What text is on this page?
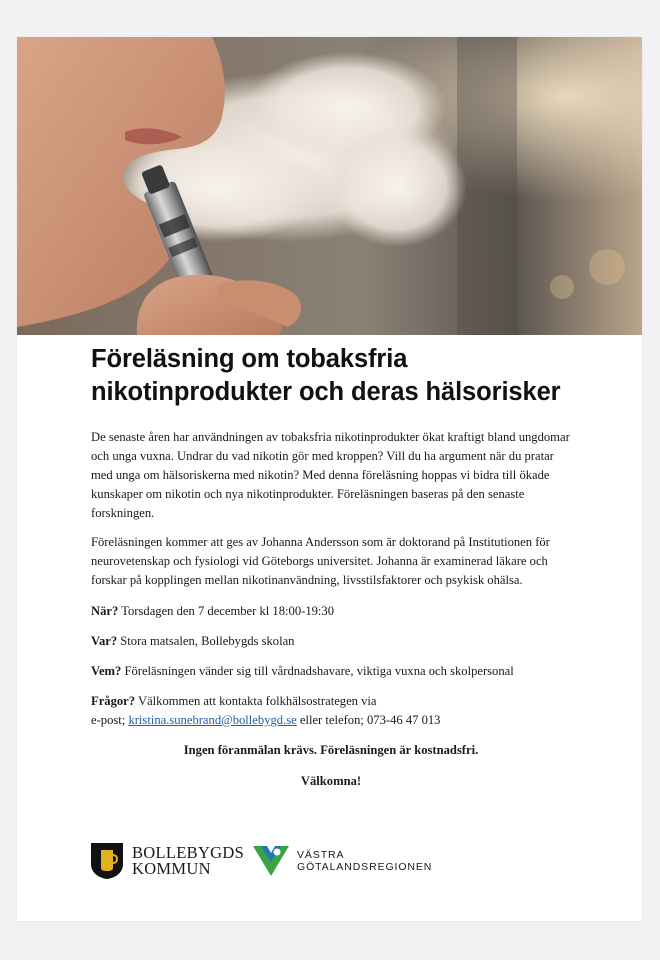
Föreläsning om tobaksfria nikotinprodukter och deras hälsorisker

De senaste åren har användningen av tobaksfria nikotinprodukter ökat kraftigt bland ungdomar och unga vuxna. Undrar du vad nikotin gör med kroppen? Vill du ha argument när du pratar med unga om hälsoriskerna med nikotin? Med denna föreläsning hoppas vi bidra till ökade kunskaper om nikotin och nya nikotinprodukter. Föreläsningen baseras på den senaste forskningen.

Föreläsningen kommer att ges av Johanna Andersson som är doktorand på Institutionen för neurovetenskap och fysiologi vid Göteborgs universitet. Johanna är examinerad läkare och forskar på kopplingen mellan nikotinanvändning, livsstilsfaktorer och psykisk ohälsa.

När? Torsdagen den 7 december kl 18:00-19:30

Var? Stora matsalen, Bollebygds skolan

Vem? Föreläsningen vänder sig till vårdnadshavare, viktiga vuxna och skolpersonal

Frågor? Välkommen att kontakta folkhälsostrategen via
e-post; kristina.sunebrand@bollebygd.se eller telefon; 073-46 47 013

Ingen föranmälan krävs. Föreläsningen är kostnadsfri.

Välkomna!

BOLLEBYGDS
KOMMUN
VÄSTRA
GÖTALANDSREGIONEN
